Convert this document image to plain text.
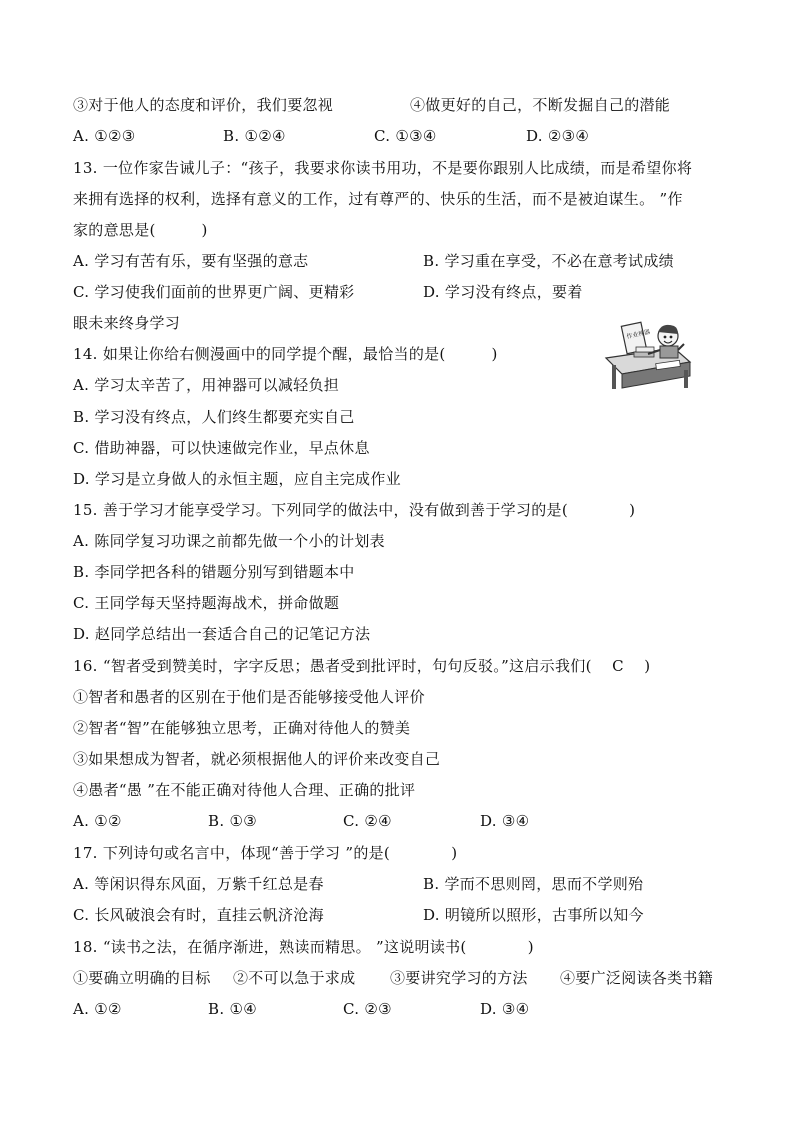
③对于他人的态度和评价，我们要忽视	④做更好的自己，不断发掘自己的潜能
A. ①②③	B. ①②④	C. ①③④	D. ②③④
13. 一位作家告诫儿子：“孩子，我要求你读书用功，不是要你跟别人比成绩，而是希望你将
来拥有选择的权利，选择有意义的工作，过有尊严的、快乐的生活，而不是被迫谋生。 ”作
家的意思是(　　　)
A. 学习有苦有乐，要有坚强的意志	B. 学习重在享受，不必在意考试成绩
C. 学习使我们面前的世界更广阔、更精彩	D. 学习没有终点，要着
眼未来终身学习
14. 如果让你给右侧漫画中的同学提个醒，最恰当的是(　　　)
A. 学习太辛苦了，用神器可以减轻负担
B. 学习没有终点，人们终生都要充实自己
C. 借助神器，可以快速做完作业，早点休息
D. 学习是立身做人的永恒主题，应自主完成作业
作业神器
15. 善于学习才能享受学习。下列同学的做法中，没有做到善于学习的是(　　　　)
A. 陈同学复习功课之前都先做一个小的计划表
B. 李同学把各科的错题分别写到错题本中
C. 王同学每天坚持题海战术，拼命做题
D. 赵同学总结出一套适合自己的记笔记方法
16. “智者受到赞美时，字字反思；愚者受到批评时，句句反驳。”这启示我们(　 C　 )
①智者和愚者的区别在于他们是否能够接受他人评价
②智者“智”在能够独立思考，正确对待他人的赞美
③如果想成为智者，就必须根据他人的评价来改变自己
④愚者“愚 ”在不能正确对待他人合理、正确的批评
A. ①②	B. ①③	C. ②④	D. ③④
17. 下列诗句或名言中，体现“善于学习 ”的是(　　　　)
A. 等闲识得东风面，万紫千红总是春	B. 学而不思则罔，思而不学则殆
C. 长风破浪会有时，直挂云帆济沧海	D. 明镜所以照形，古事所以知今
18. “读书之法，在循序渐进，熟读而精思。 ”这说明读书(　　　　)
①要确立明确的目标 ②不可以急于求成 ③要讲究学习的方法 ④要广泛阅读各类书籍
A. ①②	B. ①④	C. ②③	D. ③④
